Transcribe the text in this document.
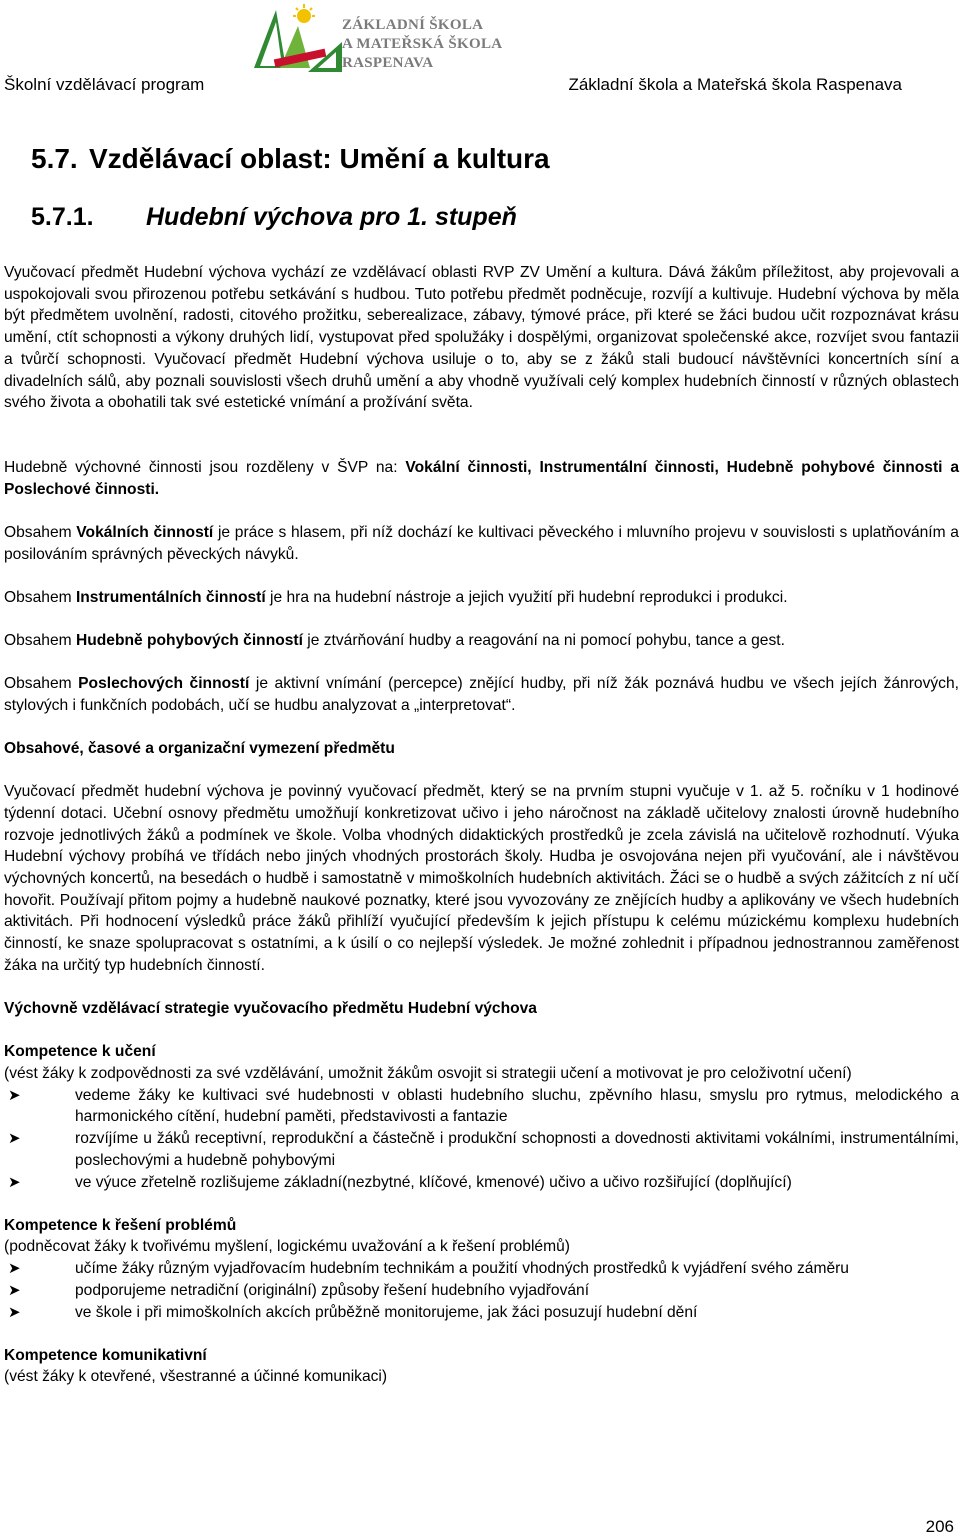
Školní vzdělávací program
ZÁKLADNÍ ŠKOLA
A MATEŘSKÁ ŠKOLA
RASPENAVA
Základní škola a Mateřská škola Raspenava
5.7. Vzdělávací oblast: Umění a kultura
5.7.1. Hudební výchova pro 1. stupeň

Vyučovací předmět Hudební výchova vychází ze vzdělávací oblasti RVP ZV Umění a kultura. Dává žákům příležitost, aby projevovali a uspokojovali svou přirozenou potřebu setkávání s hudbou. Tuto potřebu předmět podněcuje, rozvíjí a kultivuje. Hudební výchova by měla být předmětem uvolnění, radosti, citového prožitku, seberealizace, zábavy, týmové práce, při které se žáci budou učit rozpoznávat krásu umění, ctít schopnosti a výkony druhých lidí, vystupovat před spolužáky i dospělými, organizovat společenské akce, rozvíjet svou fantazii a tvůrčí schopnosti. Vyučovací předmět Hudební výchova usiluje o to, aby se z žáků stali budoucí návštěvníci koncertních síní a divadelních sálů, aby poznali souvislosti všech druhů umění a aby vhodně využívali celý komplex hudebních činností v různých oblastech svého života a obohatili tak své estetické vnímání a prožívání světa.

Hudebně výchovné činnosti jsou rozděleny v ŠVP na: Vokální činnosti, Instrumentální činnosti, Hudebně pohybové činnosti a Poslechové činnosti.

Obsahem Vokálních činností je práce s hlasem, při níž dochází ke kultivaci pěveckého i mluvního projevu v souvislosti s uplatňováním a posilováním správných pěveckých návyků.

Obsahem Instrumentálních činností je hra na hudební nástroje a jejich využití při hudební reprodukci i produkci.

Obsahem Hudebně pohybových činností je ztvárňování hudby a reagování na ni pomocí pohybu, tance a gest.

Obsahem Poslechových činností je aktivní vnímání (percepce) znějící hudby, při níž žák poznává hudbu ve všech jejích žánrových, stylových i funkčních podobách, učí se hudbu analyzovat a „interpretovat“.

Obsahové, časové a organizační vymezení předmětu

Vyučovací předmět hudební výchova je povinný vyučovací předmět, který se na prvním stupni vyučuje v 1. až 5. ročníku v 1 hodinové týdenní dotaci. Učební osnovy předmětu umožňují konkretizovat učivo i jeho náročnost na základě učitelovy znalosti úrovně hudebního rozvoje jednotlivých žáků a podmínek ve škole. Volba vhodných didaktických prostředků je zcela závislá na učitelově rozhodnutí. Výuka Hudební výchovy probíhá ve třídách nebo jiných vhodných prostorách školy. Hudba je osvojována nejen při vyučování, ale i návštěvou výchovných koncertů, na besedách o hudbě i samostatně v mimoškolních hudebních aktivitách. Žáci se o hudbě a svých zážitcích z ní učí hovořit. Používají přitom pojmy a hudebně naukové poznatky, které jsou vyvozovány ze znějících hudby a aplikovány ve všech hudebních aktivitách. Při hodnocení výsledků práce žáků přihlíží vyučující především k jejich přístupu k celému múzickému komplexu hudebních činností, ke snaze spolupracovat s ostatními, a k úsilí o co nejlepší výsledek. Je možné zohlednit i případnou jednostrannou zaměřenost žáka na určitý typ hudebních činností.

Výchovně vzdělávací strategie vyučovacího předmětu Hudební výchova

Kompetence k učení

(vést žáky k zodpovědnosti za své vzdělávání, umožnit žákům osvojit si strategii učení a motivovat je pro celoživotní učení)

➤	vedeme žáky ke kultivaci své hudebnosti v oblasti hudebního sluchu, zpěvního hlasu, smyslu pro rytmus, melodického a harmonického cítění, hudební paměti, představivosti a fantazie
➤	rozvíjíme u žáků receptivní, reprodukční a částečně i produkční schopnosti a dovednosti aktivitami vokálními, instrumentálními, poslechovými a hudebně pohybovými
➤	ve výuce zřetelně rozlišujeme základní(nezbytné, klíčové, kmenové) učivo a učivo rozšiřující (doplňující)

Kompetence k řešení problémů

(podněcovat žáky k tvořivému myšlení, logickému uvažování a k řešení problémů)

➤	učíme žáky různým vyjadřovacím hudebním technikám a použití vhodných prostředků k vyjádření svého záměru
➤	podporujeme netradiční (originální) způsoby řešení hudebního vyjadřování
➤	ve škole i při mimoškolních akcích průběžně monitorujeme, jak žáci posuzují hudební dění

Kompetence komunikativní

(vést žáky k otevřené, všestranné a účinné komunikaci)

206
